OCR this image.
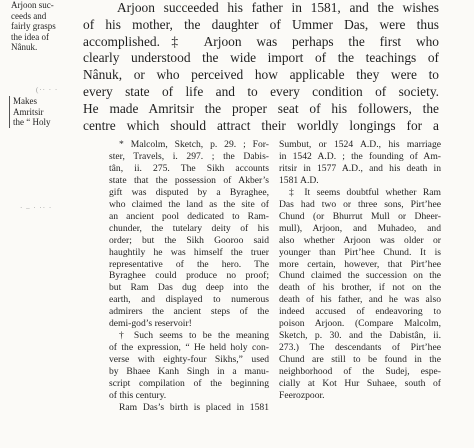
Arjoon suc-
ceeds and
fairly grasps
the idea of
Nânuk.
(·· · ·
Makes
Amritsir
the “ Holy
· – · ·· ·
Arjoon succeeded his father in 1581, and the wishes
of his mother, the daughter of Ummer Das, were thus
accomplished.‡ Arjoon was perhaps the first who
clearly understood the wide import of the teachings of
Nânuk, or who perceived how applicable they were to
every state of life and to every condition of society.
He made Amritsir the proper seat of his followers, the
centre which should attract their worldly longings for a
* Malcolm, Sketch, p. 29. ; For-
ster, Travels, i. 297. ; the Dabis-
tân, ii. 275. The Sikh accounts
state that the possession of Akber’s
gift was disputed by a Byraghee,
who claimed the land as the site of
an ancient pool dedicated to Ram-
chunder, the tutelary deity of his
order; but the Sikh Gooroo said
haughtily he was himself the truer
representative of the hero. The
Byraghee could produce no proof;
but Ram Das dug deep into the
earth, and displayed to numerous
admirers the ancient steps of the
demi-god’s reservoir!
† Such seems to be the meaning
of the expression, “ He held holy con-
verse with eighty-four Sikhs,” used
by Bhaee Kanh Singh in a manu-
script compilation of the beginning
of this century.
Ram Das’s birth is placed in 1581
Sumbut, or 1524 A.D., his marriage
in 1542 A.D. ; the founding of Am-
ritsir in 1577 A.D., and his death in
1581 A.D.
‡ It seems doubtful whether Ram
Das had two or three sons, Pirt’hee
Chund (or Bhurrut Mull or Dheer-
mull), Arjoon, and Muhadeo, and
also whether Arjoon was older or
younger than Pirt’hee Chund. It is
more certain, however, that Pirt’hee
Chund claimed the succession on the
death of his brother, if not on the
death of his father, and he was also
indeed accused of endeavoring to
poison Arjoon. (Compare Malcolm,
Sketch, p. 30. and the Dabistân, ii.
273.) The descendants of Pirt’hee
Chund are still to be found in the
neighborhood of the Sudej, espe-
cially at Kot Hur Suhaee, south of
Feerozpoor.
